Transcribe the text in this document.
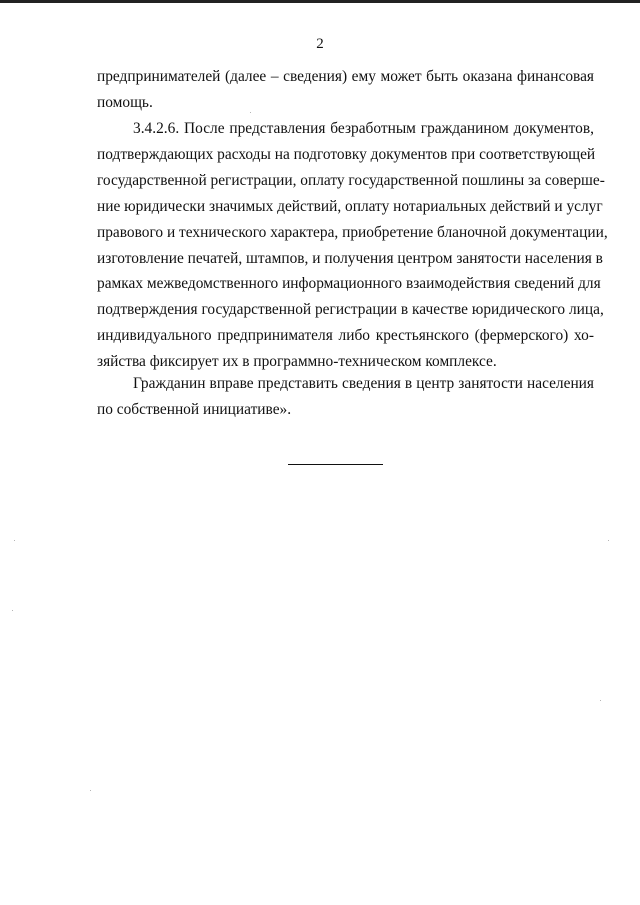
2
предпринимателей (далее – сведения) ему может быть оказана финансовая
помощь.
3.4.2.6. После представления безработным гражданином документов,
подтверждающих расходы на подготовку документов при соответствующей
государственной регистрации, оплату государственной пошлины за соверше-
ние юридически значимых действий, оплату нотариальных действий и услуг
правового и технического характера, приобретение бланочной документации,
изготовление печатей, штампов, и получения центром занятости населения в
рамках межведомственного информационного взаимодействия сведений для
подтверждения государственной регистрации в качестве юридического лица,
индивидуального предпринимателя либо крестьянского (фермерского) хо-
зяйства фиксирует их в программно-техническом комплексе.
Гражданин вправе представить сведения в центр занятости населения
по собственной инициативе».
